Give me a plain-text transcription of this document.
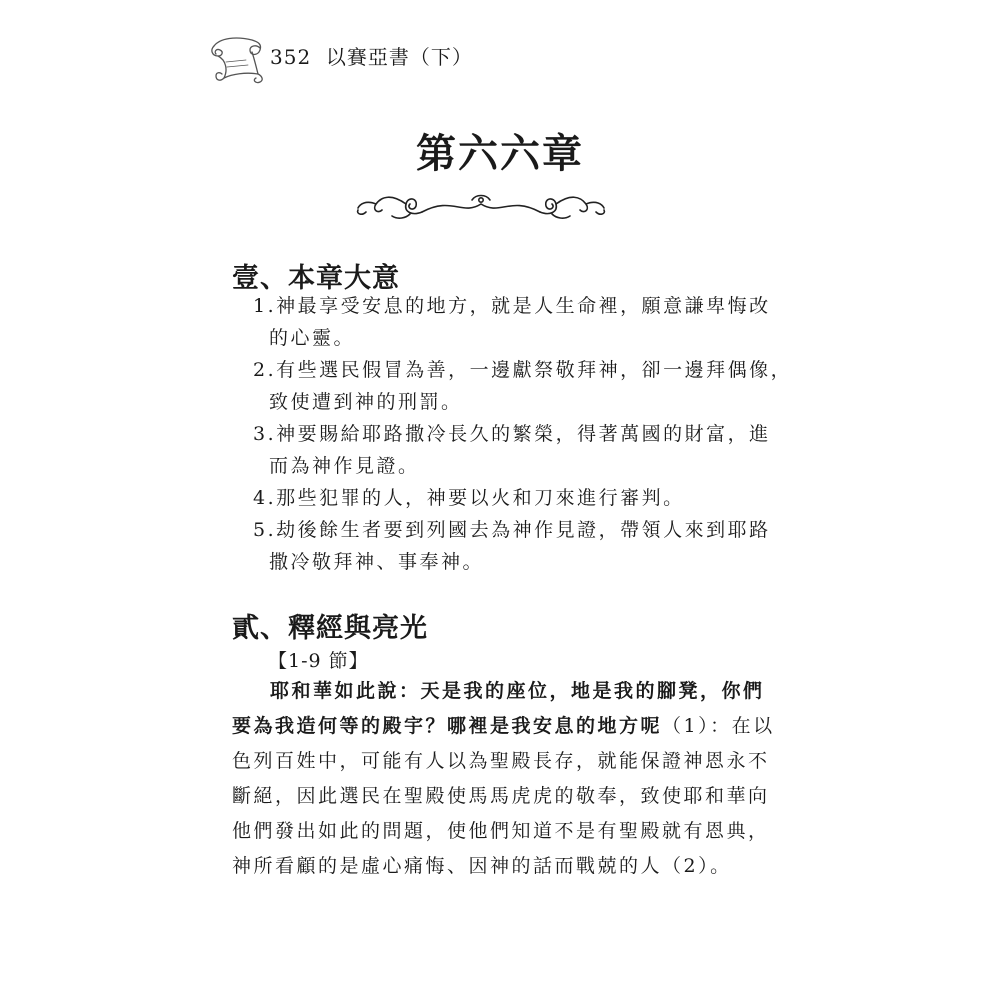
352 以賽亞書（下）
第六六章
壹、本章大意
1.神最享受安息的地方，就是人生命裡，願意謙卑悔改
的心靈。
2.有些選民假冒為善，一邊獻祭敬拜神，卻一邊拜偶像，
致使遭到神的刑罰。
3.神要賜給耶路撒冷長久的繁榮，得著萬國的財富，進
而為神作見證。
4.那些犯罪的人，神要以火和刀來進行審判。
5.劫後餘生者要到列國去為神作見證，帶領人來到耶路
撒冷敬拜神、事奉神。
貳、釋經與亮光
【1-9 節】
耶和華如此說：天是我的座位，地是我的腳凳，你們
要為我造何等的殿宇？哪裡是我安息的地方呢（1）：在以
色列百姓中，可能有人以為聖殿長存，就能保證神恩永不
斷絕，因此選民在聖殿使馬馬虎虎的敬奉，致使耶和華向
他們發出如此的問題，使他們知道不是有聖殿就有恩典，
神所看顧的是虛心痛悔、因神的話而戰兢的人（2）。
